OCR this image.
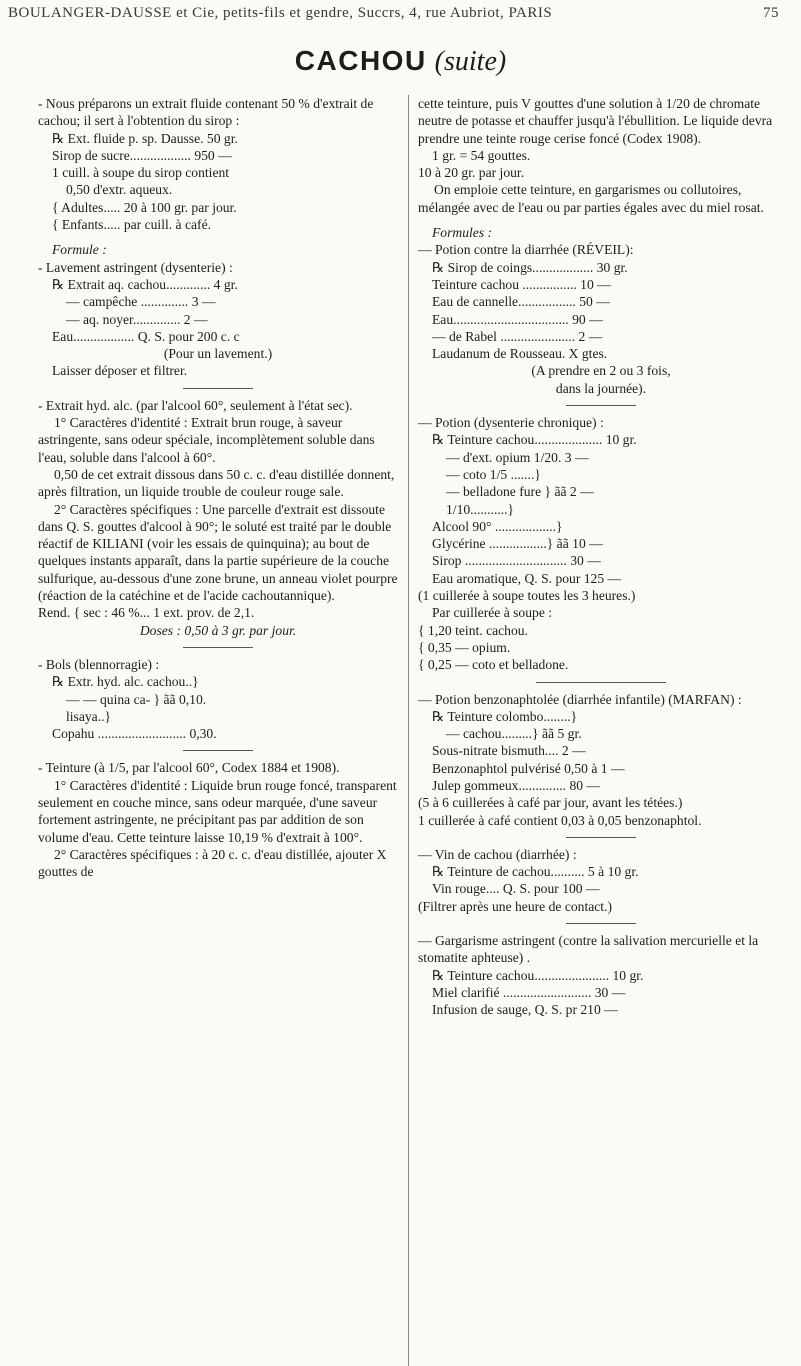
BOULANGER-DAUSSE et Cie, petits-fils et gendre, Succrs, 4, rue Aubriot, PARIS	75
CACHOU (suite)

- Nous préparons un extrait fluide contenant 50 % d'extrait de cachou; il sert à l'obtention du sirop :

℞ Ext. fluide p. sp. Dausse. 50 gr.

Sirop de sucre.................. 950 —

1 cuill. à soupe du sirop contient

0,50 d'extr. aqueux.

{ Adultes..... 20 à 100 gr. par jour.

{ Enfants..... par cuill. à café.

Formule :

- Lavement astringent (dysenterie) :

℞ Extrait aq. cachou............. 4 gr.

— campêche .............. 3 —

— aq. noyer.............. 2 —

Eau.................. Q. S. pour 200 c. c

(Pour un lavement.)

Laisser déposer et filtrer.

- Extrait hyd. alc. (par l'alcool 60°, seulement à l'état sec).

1° Caractères d'identité : Extrait brun rouge, à saveur astringente, sans odeur spéciale, incomplètement soluble dans l'eau, soluble dans l'alcool à 60°.

0,50 de cet extrait dissous dans 50 c. c. d'eau distillée donnent, après filtration, un liquide trouble de couleur rouge sale.

2° Caractères spécifiques : Une parcelle d'extrait est dissoute dans Q. S. gouttes d'alcool à 90°; le soluté est traité par le double réactif de KILIANI (voir les essais de quinquina); au bout de quelques instants apparaît, dans la partie supérieure de la couche sulfurique, au-dessous d'une zone brune, un anneau violet pourpre (réaction de la catéchine et de l'acide cachoutannique).

Rend. { sec : 46 %... 1 ext. prov. de 2,1.

Doses : 0,50 à 3 gr. par jour.

- Bols (blennorragie) :

℞ Extr. hyd. alc. cachou..}

— — quina ca- } ãã 0,10.

lisaya..}

Copahu .......................... 0,30.

- Teinture (à 1/5, par l'alcool 60°, Codex 1884 et 1908).

1° Caractères d'identité : Liquide brun rouge foncé, transparent seulement en couche mince, sans odeur marquée, d'une saveur fortement astringente, ne précipitant pas par addition de son volume d'eau. Cette teinture laisse 10,19 % d'extrait à 100°.

2° Caractères spécifiques : à 20 c. c. d'eau distillée, ajouter X gouttes de

cette teinture, puis V gouttes d'une solution à 1/20 de chromate neutre de potasse et chauffer jusqu'à l'ébullition. Le liquide devra prendre une teinte rouge cerise foncé (Codex 1908).

1 gr. = 54 gouttes.

10 à 20 gr. par jour.

On emploie cette teinture, en gargarismes ou collutoires, mélangée avec de l'eau ou par parties égales avec du miel rosat.

Formules :

— Potion contre la diarrhée (RÉVEIL):

℞ Sirop de coings.................. 30 gr.

Teinture cachou ................ 10 —

Eau de cannelle................. 50 —

Eau.................................. 90 —

— de Rabel ...................... 2 —

Laudanum de Rousseau. X gtes.

(A prendre en 2 ou 3 fois,

dans la journée).

— Potion (dysenterie chronique) :

℞ Teinture cachou.................... 10 gr.

— d'ext. opium 1/20. 3 —

— coto 1/5 .......}

— belladone fure } ãã 2 —

1/10...........}

Alcool 90° ..................}

Glycérine .................} ãã 10 —

Sirop .............................. 30 —

Eau aromatique, Q. S. pour 125 —

(1 cuillerée à soupe toutes les 3 heures.)

Par cuillerée à soupe :

{ 1,20 teint. cachou.

{ 0,35 — opium.

{ 0,25 — coto et belladone.

— Potion benzonaphtolée (diarrhée infantile) (MARFAN) :

℞ Teinture colombo........}

— cachou.........} ãã 5 gr.

Sous-nitrate bismuth.... 2 —

Benzonaphtol pulvérisé 0,50 à 1 —

Julep gommeux.............. 80 —

(5 à 6 cuillerées à café par jour, avant les tétées.)

1 cuillerée à café contient 0,03 à 0,05 benzonaphtol.

— Vin de cachou (diarrhée) :

℞ Teinture de cachou.......... 5 à 10 gr.

Vin rouge.... Q. S. pour 100 —

(Filtrer après une heure de contact.)

— Gargarisme astringent (contre la salivation mercurielle et la stomatite aphteuse) .

℞ Teinture cachou...................... 10 gr.

Miel clarifié .......................... 30 —

Infusion de sauge, Q. S. pr 210 —
